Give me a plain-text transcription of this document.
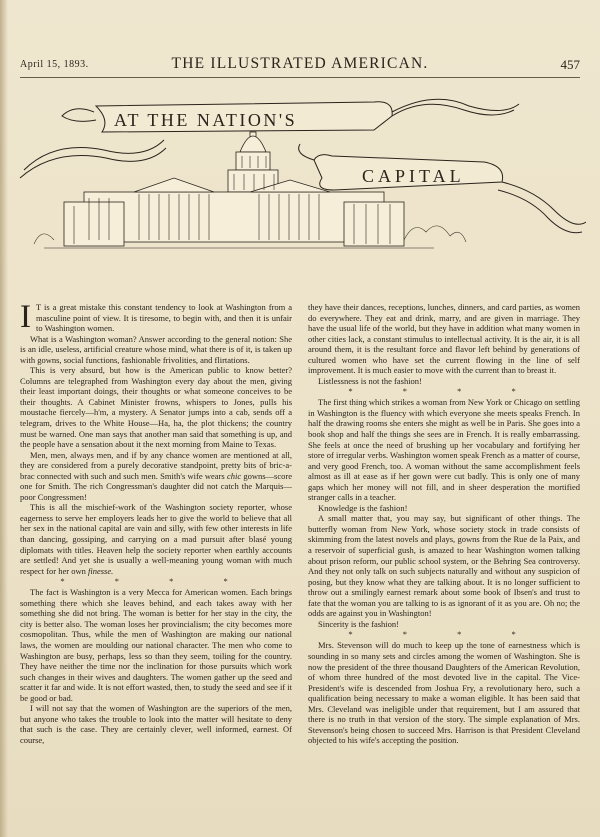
April 15, 1893.	THE ILLUSTRATED AMERICAN.	457
AT THE NATION'S
CAPITAL

I T is a great mistake this constant tendency to look at Washington from a masculine point of view. It is tiresome, to begin with, and then it is unfair to Washington women.

What is a Washington woman? Answer according to the general notion: She is an idle, useless, artificial creature whose mind, what there is of it, is taken up with gowns, social functions, fashionable frivolities, and flirtations.

This is very absurd, but how is the American public to know better? Columns are telegraphed from Washington every day about the men, giving their least important doings, their thoughts or what someone conceives to be their thoughts. A Cabinet Minister frowns, whispers to Jones, pulls his moustache fiercely—h'm, a mystery. A Senator jumps into a cab, sends off a telegram, drives to the White House—Ha, ha, the plot thickens; the country must be warned. One man says that another man said that something is up, and the people have a sensation about it the next morning from Maine to Texas.

Men, men, always men, and if by any chance women are mentioned at all, they are considered from a purely decorative standpoint, pretty bits of bric-a-brac connected with such and such men. Smith's wife wears chic gowns—score one for Smith. The rich Congressman's daughter did not catch the Marquis—poor Congressmen!

This is all the mischief-work of the Washington society reporter, whose eagerness to serve her employers leads her to give the world to believe that all her sex in the national capital are vain and silly, with few other interests in life than dancing, gossiping, and carrying on a mad pursuit after blasé young diplomats with titles. Heaven help the society reporter when earthly accounts are settled! And yet she is usually a well-meaning young woman with much respect for her own finesse.

* * * *

The fact is Washington is a very Mecca for American women. Each brings something there which she leaves behind, and each takes away with her something she did not bring. The woman is better for her stay in the city, the city is better also. The woman loses her provincialism; the city becomes more cosmopolitan. Thus, while the men of Washington are making our national laws, the women are moulding our national character. The men who come to Washington are busy, perhaps, less so than they seem, toiling for the country. They have neither the time nor the inclination for those pursuits which work such changes in their wives and daughters. The women gather up the seed and scatter it far and wide. It is not effort wasted, then, to study the seed and see if it be good or bad.

I will not say that the women of Washington are the superiors of the men, but anyone who takes the trouble to look into the matter will hesitate to deny that such is the case. They are certainly clever, well informed, earnest. Of course,

they have their dances, receptions, lunches, dinners, and card parties, as women do everywhere. They eat and drink, marry, and are given in marriage. They have the usual life of the world, but they have in addition what many women in other cities lack, a constant stimulus to intellectual activity. It is the air, it is all around them, it is the resultant force and flavor left behind by generations of cultured women who have set the current flowing in the line of self improvement. It is much easier to move with the current than to breast it.

Listlessness is not the fashion!

* * * *

The first thing which strikes a woman from New York or Chicago on settling in Washington is the fluency with which everyone she meets speaks French. In half the drawing rooms she enters she might as well be in Paris. She goes into a book shop and half the things she sees are in French. It is really embarrassing. She feels at once the need of brushing up her vocabulary and fortifying her store of irregular verbs. Washington women speak French as a matter of course, and very good French, too. A woman without the same accomplishment feels almost as ill at ease as if her gown were cut badly. This is only one of many gaps which her money will not fill, and in sheer desperation the mortified stranger calls in a teacher.

Knowledge is the fashion!

A small matter that, you may say, but significant of other things. The butterfly woman from New York, whose society stock in trade consists of skimming from the latest novels and plays, gowns from the Rue de la Paix, and a reservoir of superficial gush, is amazed to hear Washington women talking about prison reform, our public school system, or the Behring Sea controversy. And they not only talk on such subjects naturally and without any suspicion of posing, but they know what they are talking about. It is no longer sufficient to throw out a smilingly earnest remark about some book of Ibsen's and trust to fate that the woman you are talking to is as ignorant of it as you are. Oh no; the odds are against you in Washington!

Sincerity is the fashion!

* * * *

Mrs. Stevenson will do much to keep up the tone of earnestness which is sounding in so many sets and circles among the women of Washington. She is now the president of the three thousand Daughters of the American Revolution, of whom three hundred of the most devoted live in the capital. The Vice-President's wife is descended from Joshua Fry, a revolutionary hero, such a qualification being necessary to make a woman eligible. It has been said that Mrs. Cleveland was ineligible under that requirement, but I am assured that there is no truth in that version of the story. The simple explanation of Mrs. Stevenson's being chosen to succeed Mrs. Harrison is that President Cleveland objected to his wife's accepting the position.
